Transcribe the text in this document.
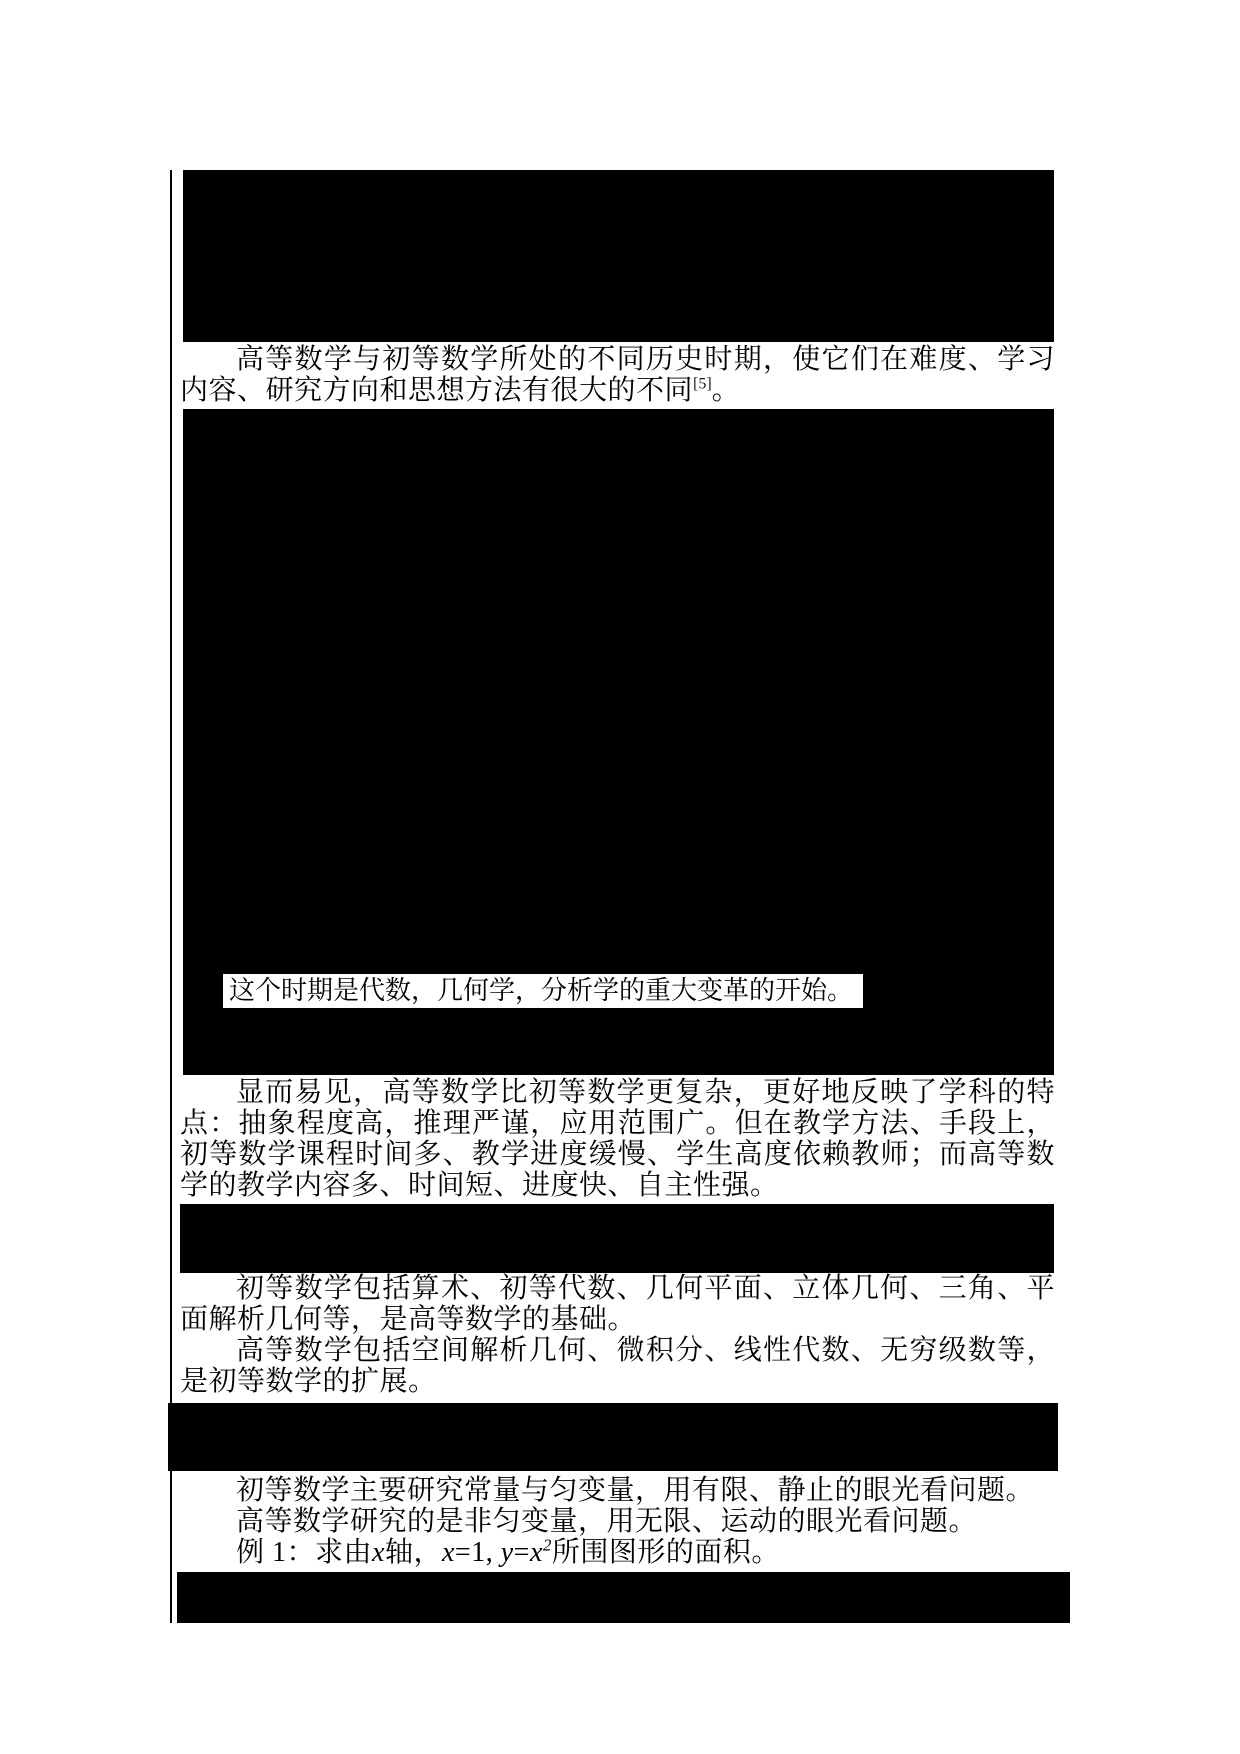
高等数学与初等数学所处的不同历史时期，使它们在难度、学习内容、研究方向和思想方法有很大的不同[5]。

这个时期是代数，几何学，分析学的重大变革的开始。

显而易见，高等数学比初等数学更复杂，更好地反映了学科的特点：抽象程度高，推理严谨，应用范围广。但在教学方法、手段上，初等数学课程时间多、教学进度缓慢、学生高度依赖教师；而高等数学的教学内容多、时间短、进度快、自主性强。

初等数学包括算术、初等代数、几何平面、立体几何、三角、平面解析几何等，是高等数学的基础。

高等数学包括空间解析几何、微积分、线性代数、无穷级数等，是初等数学的扩展。

初等数学主要研究常量与匀变量，用有限、静止的眼光看问题。

高等数学研究的是非匀变量，用无限、运动的眼光看问题。

例 1：求由x轴，x=1, $y=x^2$所围图形的面积。
